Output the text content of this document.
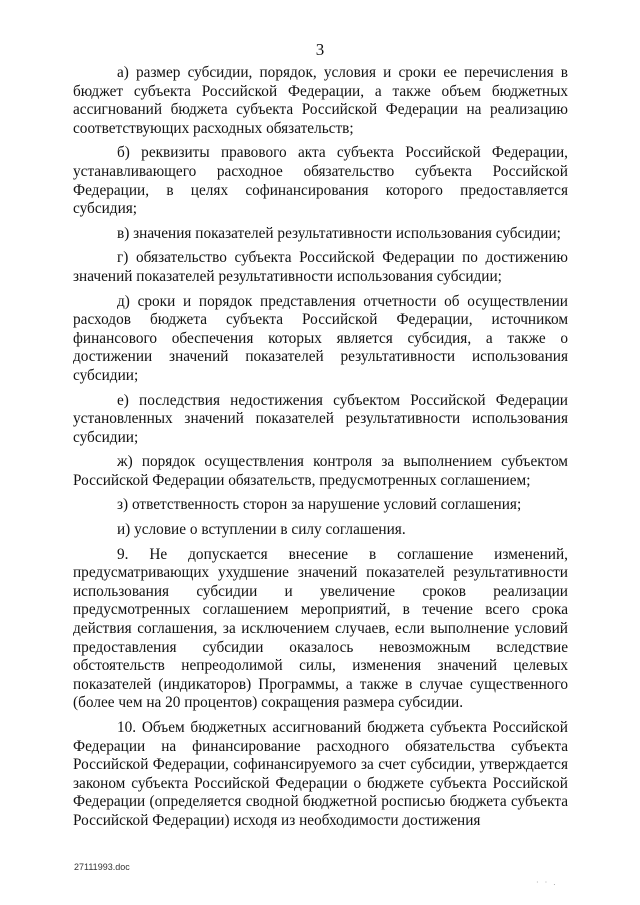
3

а) размер субсидии, порядок, условия и сроки ее перечисления в бюджет субъекта Российской Федерации, а также объем бюджетных ассигнований бюджета субъекта Российской Федерации на реализацию соответствующих расходных обязательств;

б) реквизиты правового акта субъекта Российской Федерации, устанавливающего расходное обязательство субъекта Российской Федерации, в целях софинансирования которого предоставляется субсидия;

в) значения показателей результативности использования субсидии;

г) обязательство субъекта Российской Федерации по достижению значений показателей результативности использования субсидии;

д) сроки и порядок представления отчетности об осуществлении расходов бюджета субъекта Российской Федерации, источником финансового обеспечения которых является субсидия, а также о достижении значений показателей результативности использования субсидии;

е) последствия недостижения субъектом Российской Федерации установленных значений показателей результативности использования субсидии;

ж) порядок осуществления контроля за выполнением субъектом Российской Федерации обязательств, предусмотренных соглашением;

з) ответственность сторон за нарушение условий соглашения;

и) условие о вступлении в силу соглашения.

9. Не допускается внесение в соглашение изменений, предусматривающих ухудшение значений показателей результативности использования субсидии и увеличение сроков реализации предусмотренных соглашением мероприятий, в течение всего срока действия соглашения, за исключением случаев, если выполнение условий предоставления субсидии оказалось невозможным вследствие обстоятельств непреодолимой силы, изменения значений целевых показателей (индикаторов) Программы, а также в случае существенного (более чем на 20 процентов) сокращения размера субсидии.

10. Объем бюджетных ассигнований бюджета субъекта Российской Федерации на финансирование расходного обязательства субъекта Российской Федерации, софинансируемого за счет субсидии, утверждается законом субъекта Российской Федерации о бюджете субъекта Российской Федерации (определяется сводной бюджетной росписью бюджета субъекта Российской Федерации) исходя из необходимости достижения

27111993.doc
· · .
